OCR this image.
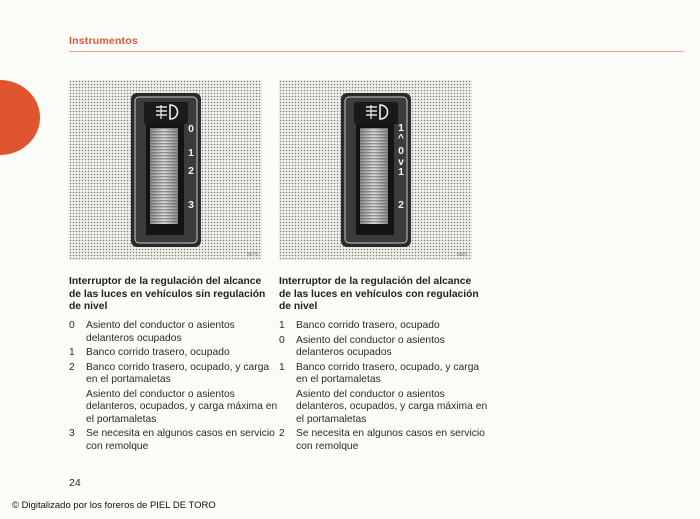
Instrumentos
0
1
2
3
9675
1
^
0
v
1
2
9681
Interruptor de la regulación del alcance de las luces en vehículos sin regulación de nivel
Interruptor de la regulación del alcance de las luces en vehículos con regulación de nivel
0	Asiento del conductor o asientos delanteros ocupados
1	Banco corrido trasero, ocupado
2	Banco corrido trasero, ocupado, y carga en el portamaletas
Asiento del conductor o asientos delanteros, ocupados, y carga máxima en el portamaletas
3	Se necesita en algunos casos en servicio con remolque
1	Banco corrido trasero, ocupado
0	Asiento del conductor o asientos delanteros ocupados
1	Banco corrido trasero, ocupado, y carga en el portamaletas
Asiento del conductor o asientos delanteros, ocupados, y carga máxima en el portamaletas
2	Se necesita en algunos casos en servicio con remolque
24
© Digitalizado por los foreros de PIEL DE TORO
